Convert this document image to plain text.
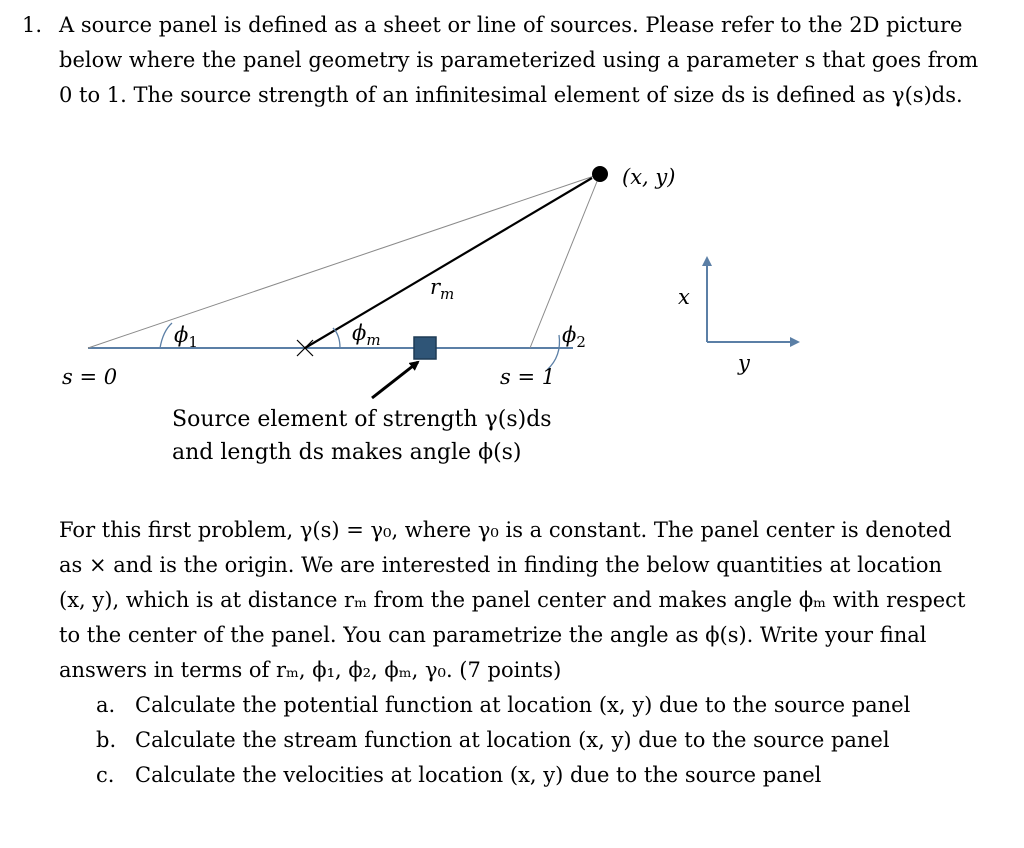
1. A source panel is defined as a sheet or line of sources. Please refer to the 2D picture
below where the panel geometry is parameterized using a parameter s that goes from
0 to 1. The source strength of an infinitesimal element of size ds is defined as γ(s)ds.
(x, y)
$r_m$
$\phi_1$	$\phi_m$	$\phi_2$
s = 0	s = 1
x
y
Source element of strength γ(s)ds
and length ds makes angle ϕ(s)
For this first problem, γ(s) = γ₀, where γ₀ is a constant. The panel center is denoted
as × and is the origin. We are interested in finding the below quantities at location
(x, y), which is at distance rₘ from the panel center and makes angle ϕₘ with respect
to the center of the panel. You can parametrize the angle as ϕ(s). Write your final
answers in terms of rₘ, ϕ₁, ϕ₂, ϕₘ, γ₀. (7 points)
a. Calculate the potential function at location (x, y) due to the source panel
b. Calculate the stream function at location (x, y) due to the source panel
c. Calculate the velocities at location (x, y) due to the source panel
